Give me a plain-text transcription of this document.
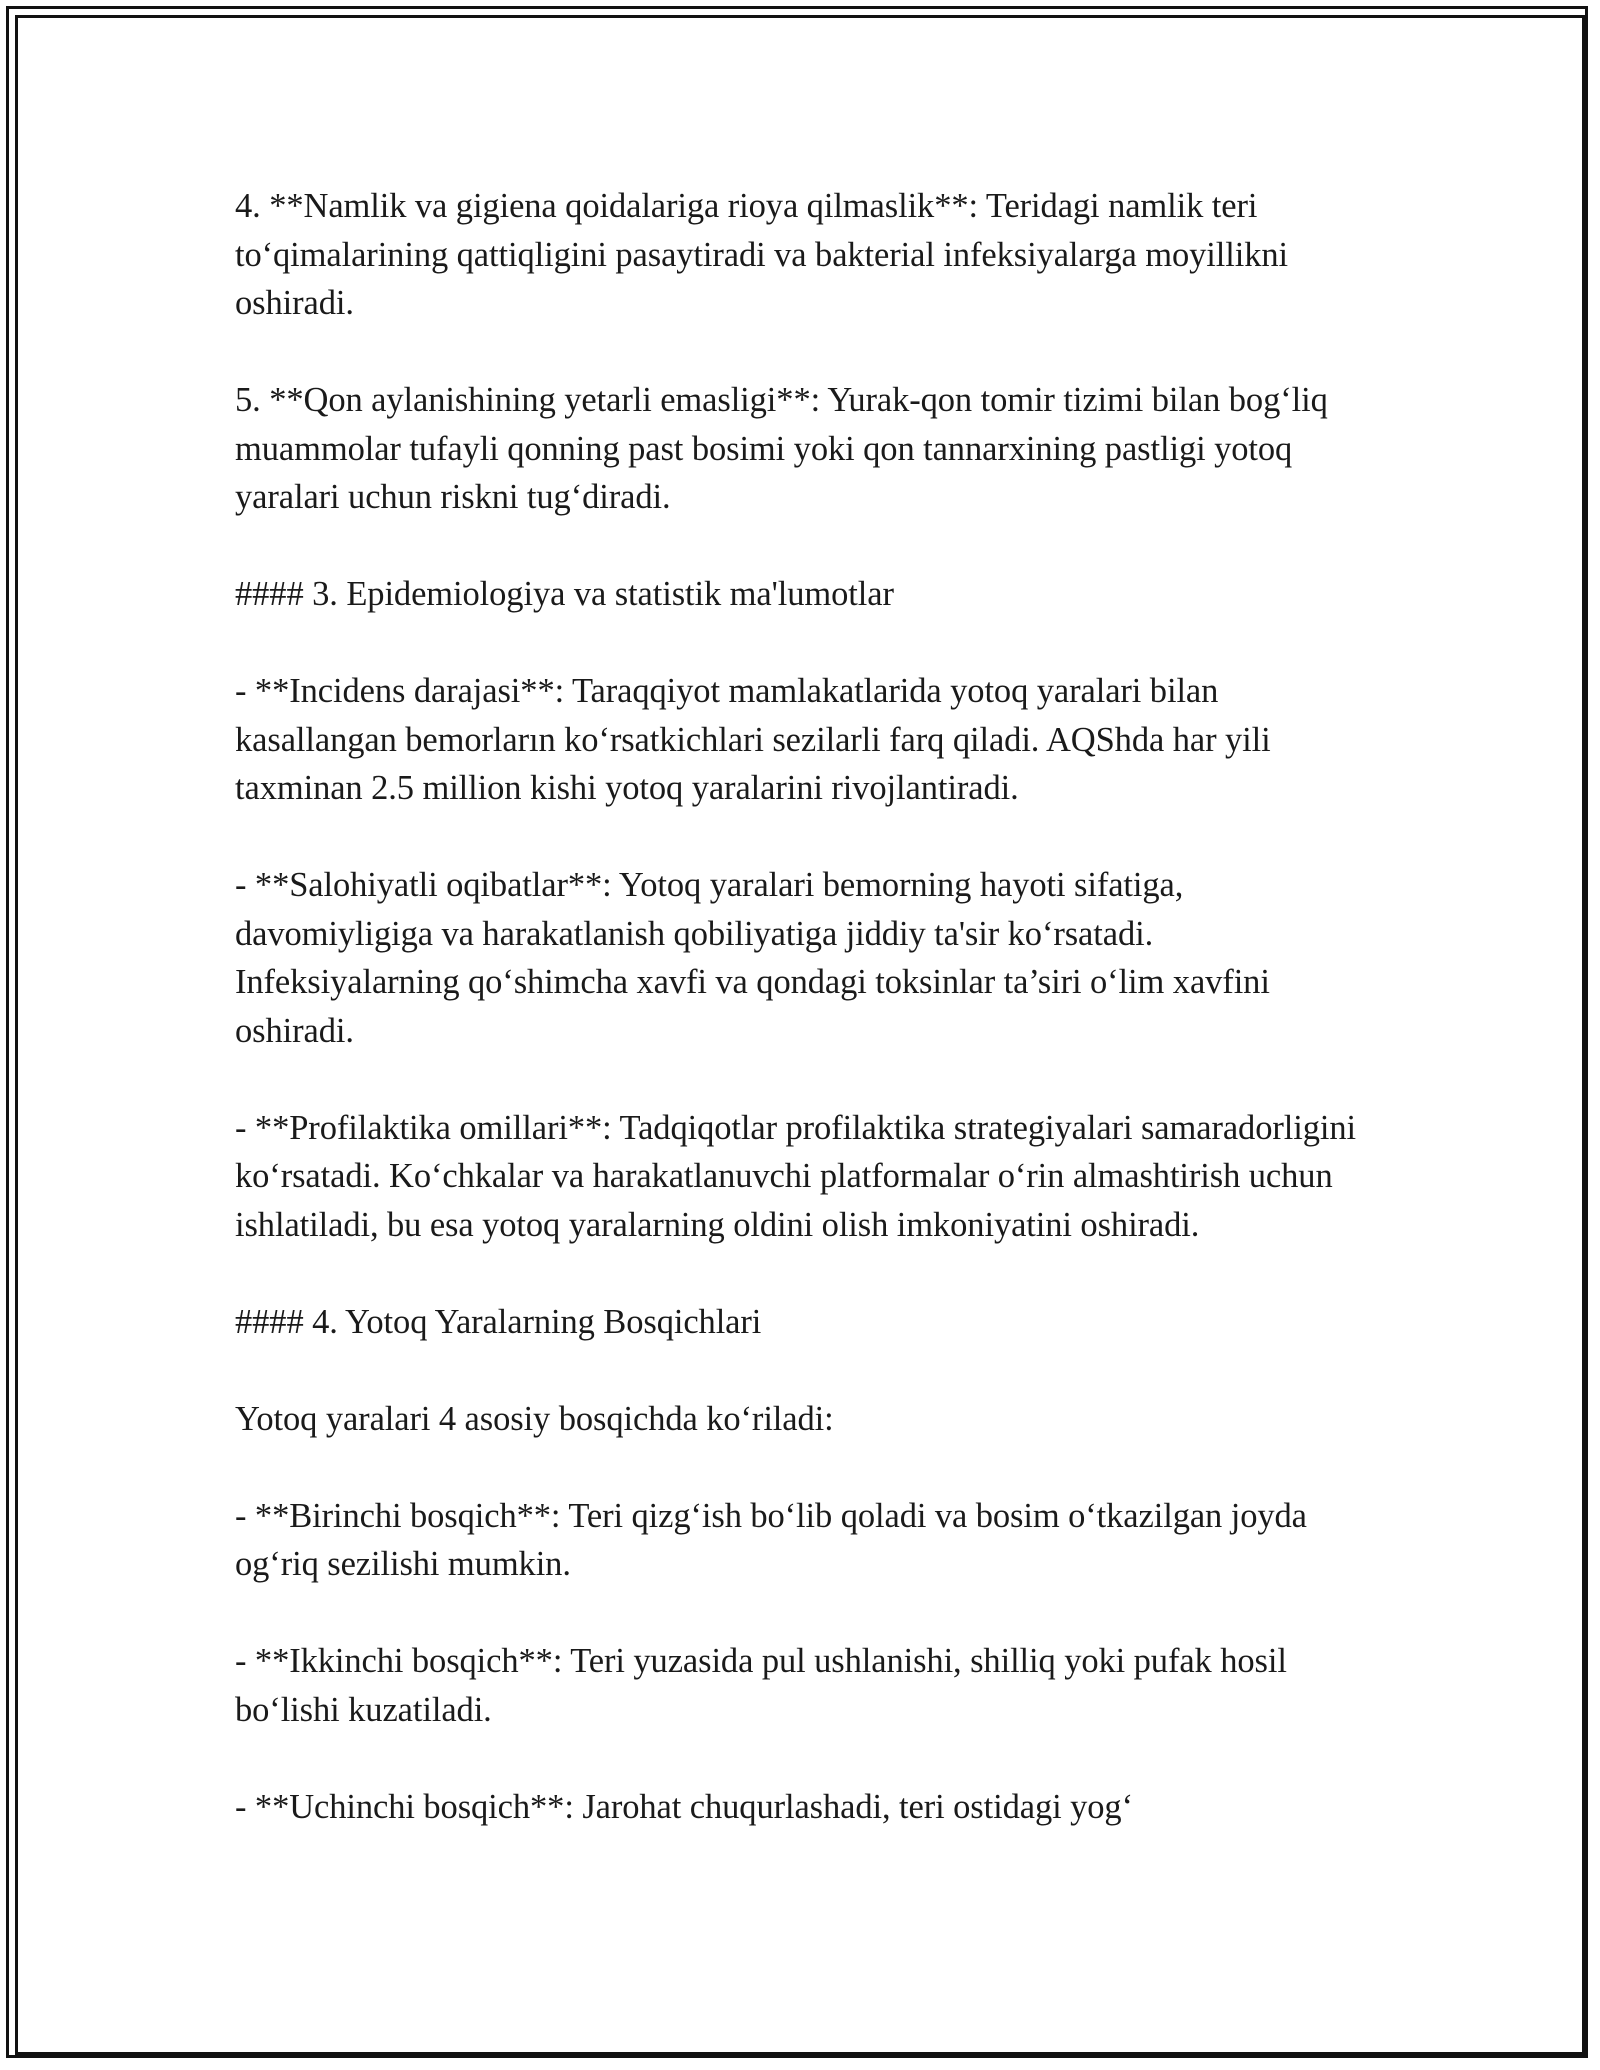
4. **Namlik va gigiena qoidalariga rioya qilmaslik**: Teridagi namlik teri to‘qimalarining qattiqligini pasaytiradi va bakterial infeksiyalarga moyillikni oshiradi.

5. **Qon aylanishining yetarli emasligi**: Yurak-qon tomir tizimi bilan bog‘liq muammolar tufayli qonning past bosimi yoki qon tannarxining pastligi yotoq yaralari uchun riskni tug‘diradi.

#### 3. Epidemiologiya va statistik ma'lumotlar

- **Incidens darajasi**: Taraqqiyot mamlakatlarida yotoq yaralari bilan kasallangan bemorların ko‘rsatkichlari sezilarli farq qiladi. AQShda har yili taxminan 2.5 million kishi yotoq yaralarini rivojlantiradi.

- **Salohiyatli oqibatlar**: Yotoq yaralari bemorning hayoti sifatiga, davomiyligiga va harakatlanish qobiliyatiga jiddiy ta'sir ko‘rsatadi. Infeksiyalarning qo‘shimcha xavfi va qondagi toksinlar ta’siri o‘lim xavfini oshiradi.

- **Profilaktika omillari**: Tadqiqotlar profilaktika strategiyalari samaradorligini ko‘rsatadi. Ko‘chkalar va harakatlanuvchi platformalar o‘rin almashtirish uchun ishlatiladi, bu esa yotoq yaralarning oldini olish imkoniyatini oshiradi.

#### 4. Yotoq Yaralarning Bosqichlari

Yotoq yaralari 4 asosiy bosqichda ko‘riladi:

- **Birinchi bosqich**: Teri qizg‘ish bo‘lib qoladi va bosim o‘tkazilgan joyda og‘riq sezilishi mumkin.

- **Ikkinchi bosqich**: Teri yuzasida pul ushlanishi, shilliq yoki pufak hosil bo‘lishi kuzatiladi.

- **Uchinchi bosqich**: Jarohat chuqurlashadi, teri ostidagi yog‘
